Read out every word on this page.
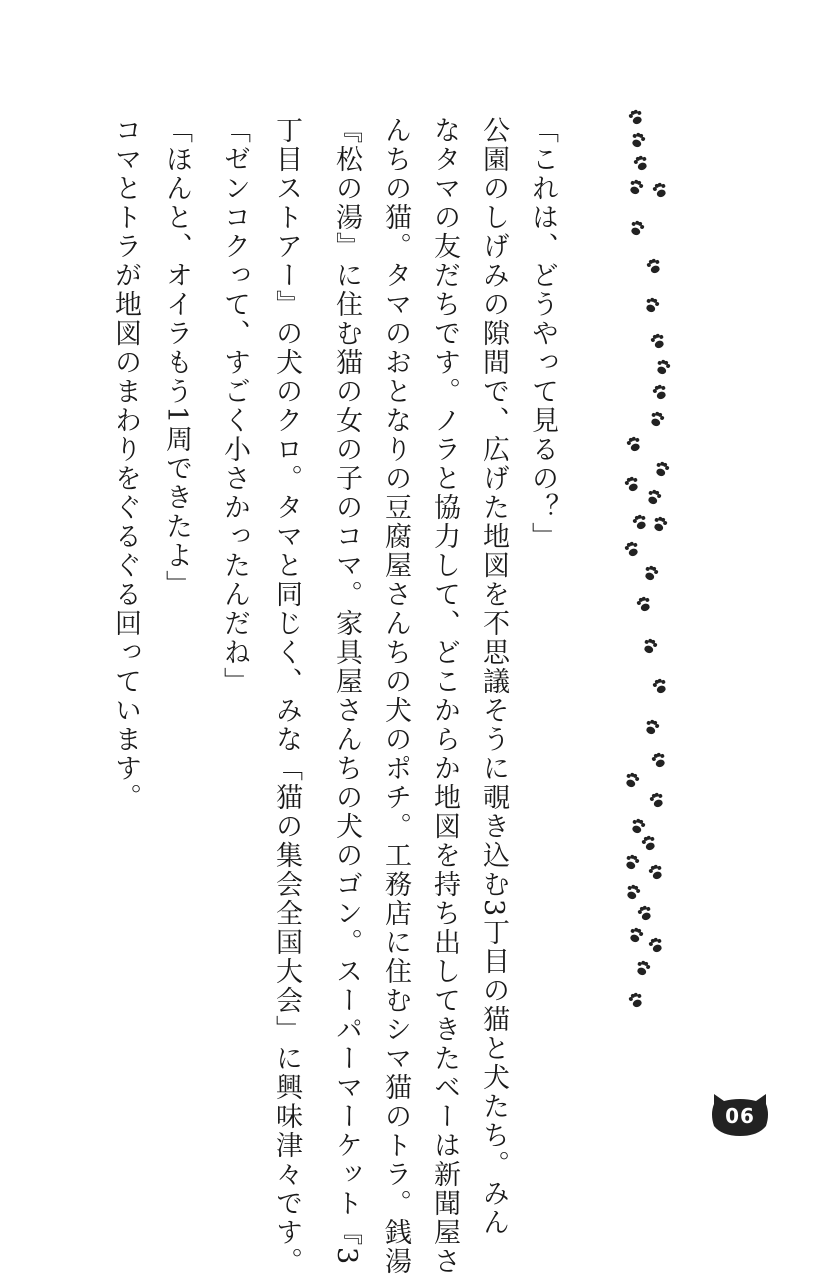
「これは、どうやって見るの？」
公園のしげみの隙間で、広げた地図を不思議そうに覗き込む3丁目の猫と犬たち。みん
なタマの友だちです。ノラと協力して、どこからか地図を持ち出してきたベーは新聞屋さ
んちの猫。タマのおとなりの豆腐屋さんちの犬のポチ。工務店に住むシマ猫のトラ。銭湯
『松の湯』に住む猫の女の子のコマ。家具屋さんちの犬のゴン。スーパーマーケット『3
丁目ストアー』の犬のクロ。タマと同じく、みな「猫の集会全国大会」に興味津々です。
「ゼンコクって、すごく小さかったんだね」
「ほんと、オイラもう1周できたよ」
コマとトラが地図のまわりをぐるぐる回っています。
06
